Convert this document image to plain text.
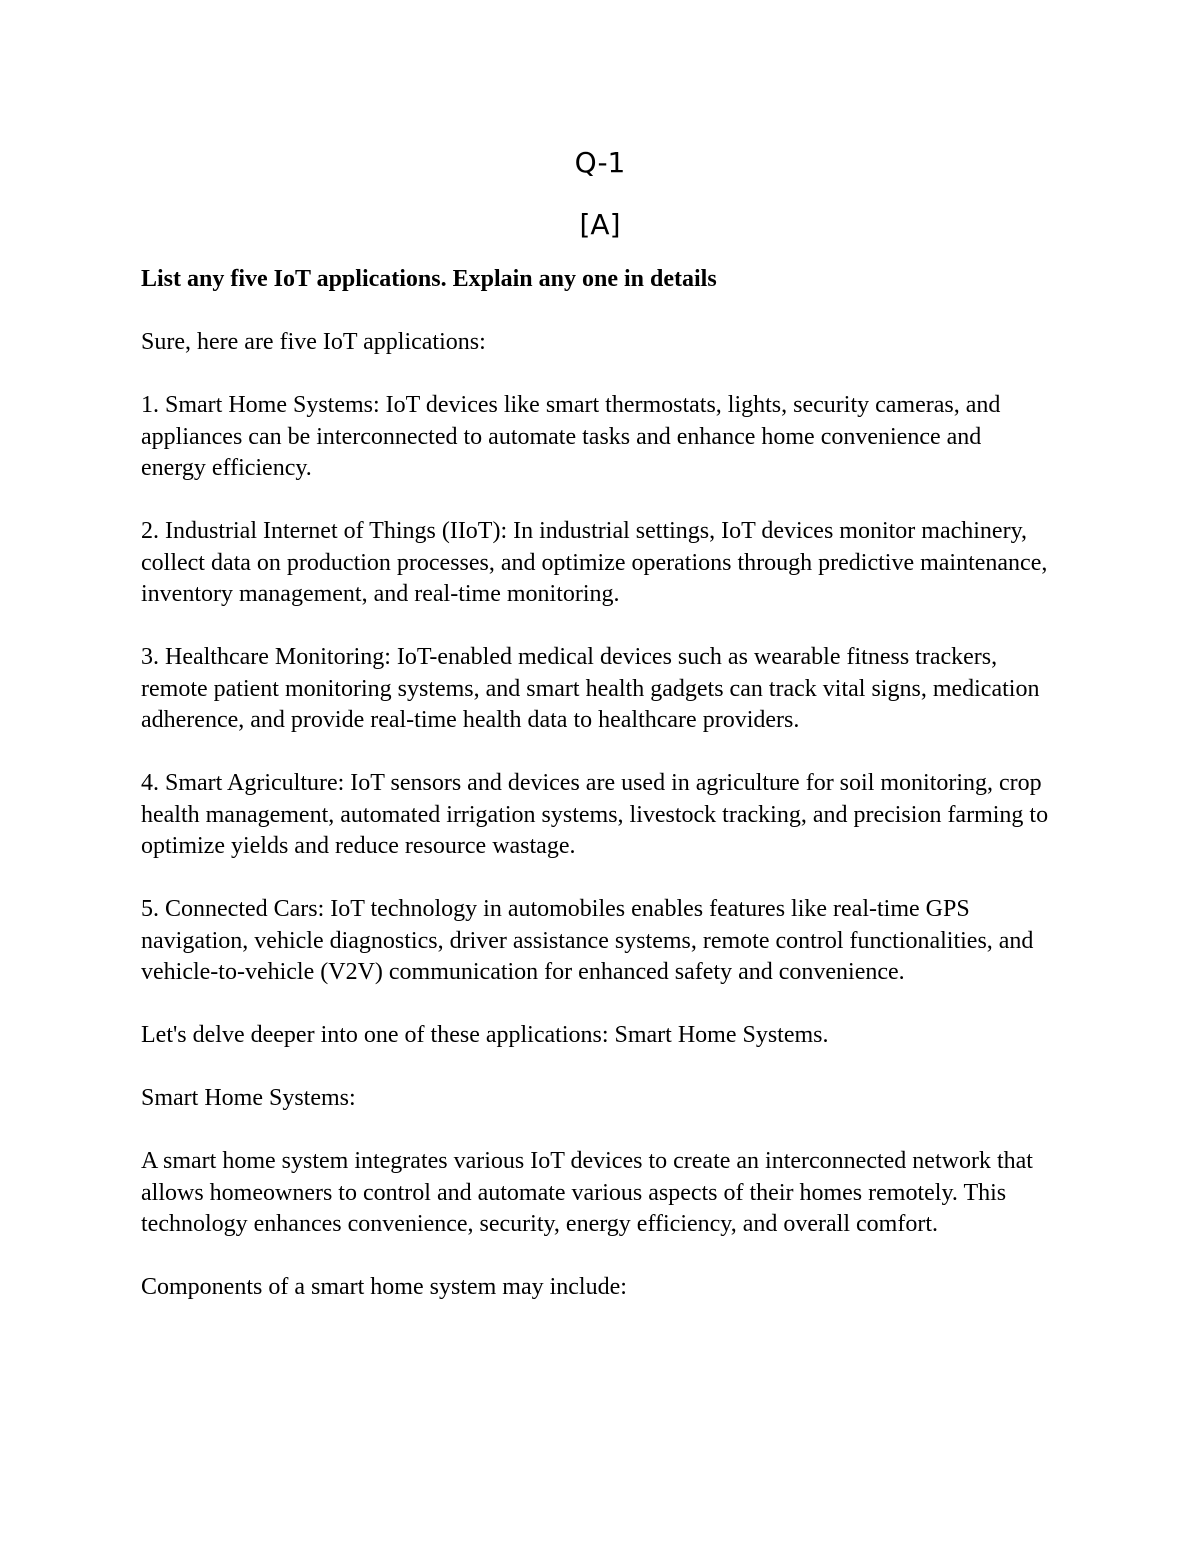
Q-1
[A]

List any five IoT applications. Explain any one in details

Sure, here are five IoT applications:

1. Smart Home Systems: IoT devices like smart thermostats, lights, security cameras, and appliances can be interconnected to automate tasks and enhance home convenience and energy efficiency.

2. Industrial Internet of Things (IIoT): In industrial settings, IoT devices monitor machinery, collect data on production processes, and optimize operations through predictive maintenance, inventory management, and real-time monitoring.

3. Healthcare Monitoring: IoT-enabled medical devices such as wearable fitness trackers, remote patient monitoring systems, and smart health gadgets can track vital signs, medication adherence, and provide real-time health data to healthcare providers.

4. Smart Agriculture: IoT sensors and devices are used in agriculture for soil monitoring, crop health management, automated irrigation systems, livestock tracking, and precision farming to optimize yields and reduce resource wastage.

5. Connected Cars: IoT technology in automobiles enables features like real-time GPS navigation, vehicle diagnostics, driver assistance systems, remote control functionalities, and vehicle-to-vehicle (V2V) communication for enhanced safety and convenience.

Let's delve deeper into one of these applications: Smart Home Systems.

Smart Home Systems:

A smart home system integrates various IoT devices to create an interconnected network that allows homeowners to control and automate various aspects of their homes remotely. This technology enhances convenience, security, energy efficiency, and overall comfort.

Components of a smart home system may include:
